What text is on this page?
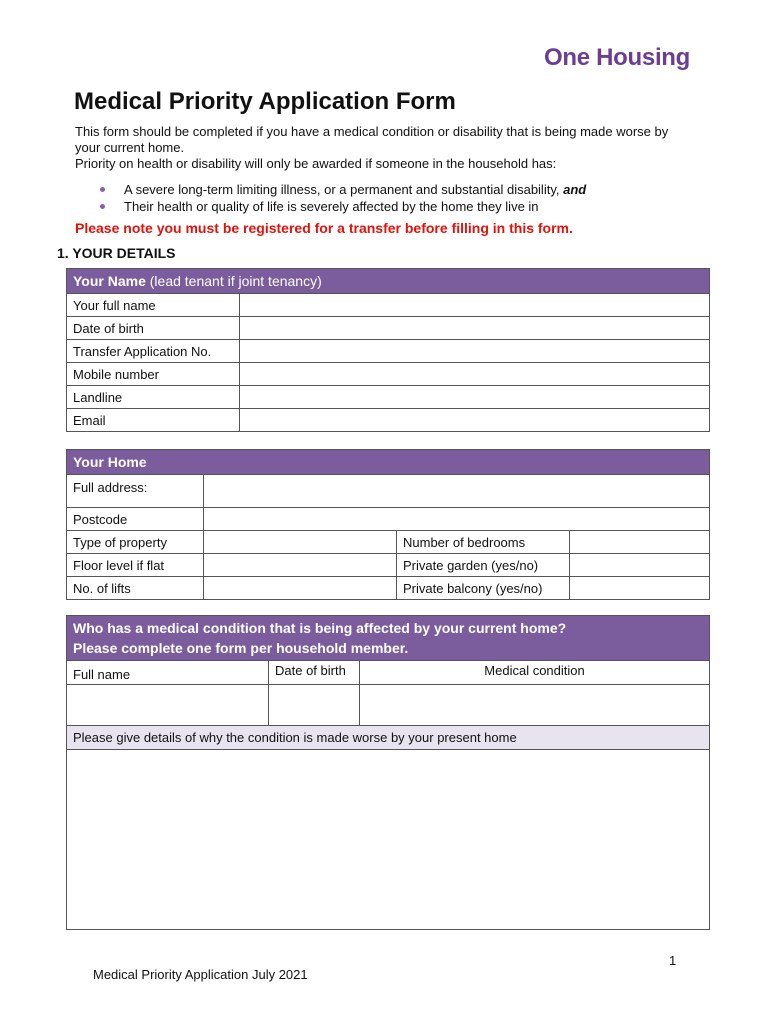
One Housing
Medical Priority Application Form

This form should be completed if you have a medical condition or disability that is being made worse by your current home.

Priority on health or disability will only be awarded if someone in the household has:

A severe long-term limiting illness, or a permanent and substantial disability, and
Their health or quality of life is severely affected by the home they live in
Please note you must be registered for a transfer before filling in this form.
1. YOUR DETAILS
Your Name (lead tenant if joint tenancy)	
Your full name	
Date of birth	
Transfer Application No.	
Mobile number	
Landline	
Email	
Your Home			
Full address:			
Postcode			
Type of property		Number of bedrooms	
Floor level if flat		Private garden (yes/no)	
No. of lifts		Private balcony (yes/no)	
Who has a medical condition that is being affected by your current home?
Please complete one form per household member.		

Full name	Date of birth	Medical condition

Please give details of why the condition is made worse by your present home		

1
Medical Priority Application July 2021
